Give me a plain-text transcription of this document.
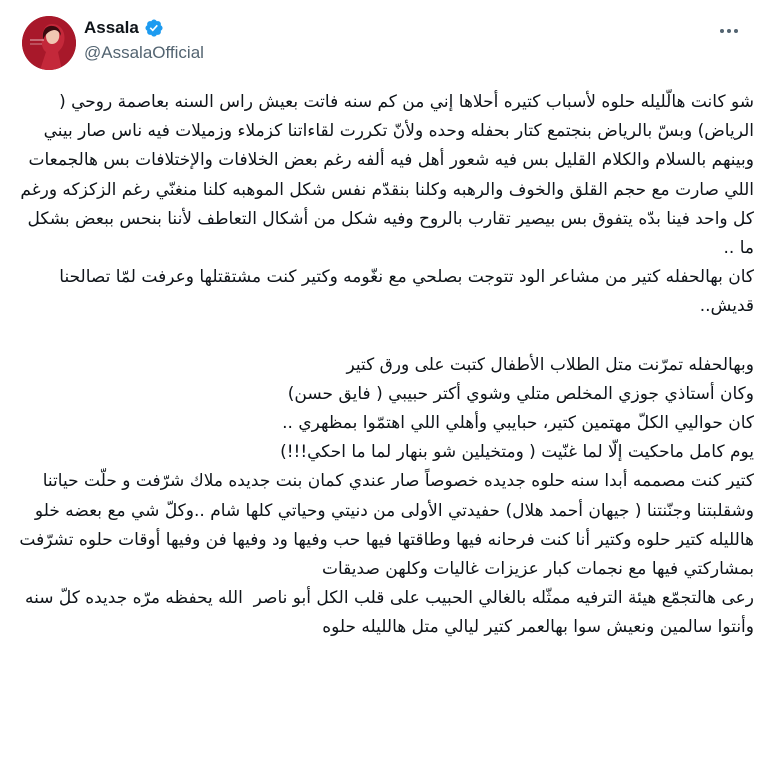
Assala
@AssalaOfficial

شو كانت هالّليله حلوه لأسباب كتيره أحلاها إني من كم سنه فاتت بعيش راس السنه بعاصمة روحي ( الرياض) وبسّ بالرياض بنجتمع كتار بحفله وحده ولأنّ تكررت لقاءاتنا كزملاء وزميلات فيه ناس صار بيني وبينهم بالسلام والكلام القليل بس فيه شعور أهل فيه ألفه رغم بعض الخلافات والإختلافات بس هالجمعات اللي صارت مع حجم القلق والخوف والرهبه وكلنا بنقدّم نفس شكل الموهبه كلنا منغنّي رغم الزكزكه ورغم كل واحد فينا بدّه يتفوق بس بيصير تقارب بالروح وفيه شكل من أشكال التعاطف لأننا بنحس ببعض بشكل ما ..

كان بهالحفله كتير من مشاعر الود تتوجت بصلحي مع نغّومه وكتير كنت مشتقتلها وعرفت لمّا تصالحنا قديش..

وبهالحفله تمرّنت متل الطلاب الأطفال كتبت على ورق كتير

وكان أستاذي جوزي المخلص متلي وشوي أكتر حبيبي ( فايق حسن)

كان حواليي الكلّ مهتمين كتير، حبايبي وأهلي اللي اهتمّوا بمظهري ..

يوم كامل ماحكيت إلّا لما غنّيت ( ومتخيلين شو بنهار لما ما احكي!!!)

كتير كنت مصممه أبدا سنه حلوه جديده خصوصاً صار عندي كمان بنت جديده ملاك شرّفت و حلّت حياتنا وشقلبتنا وجنّنتنا ( جيهان أحمد هلال) حفيدتي الأولى من دنيتي وحياتي كلها شام ..وكلّ شي مع بعضه خلو هالليله كتير حلوه وكتير أنا كنت فرحانه فيها وطاقتها فيها حب وفيها ود وفيها فن وفيها أوقات حلوه تشرّفت بمشاركتي فيها مع نجمات كبار عزيزات غاليات وكلهن صديقات

رعى هالتجمّع هيئة الترفيه ممثّله بالغالي الحبيب على قلب الكل أبو ناصر  الله يحفظه مرّه جديده كلّ سنه وأنتوا سالمين ونعيش سوا بهالعمر كتير ليالي متل هالليله حلوه
